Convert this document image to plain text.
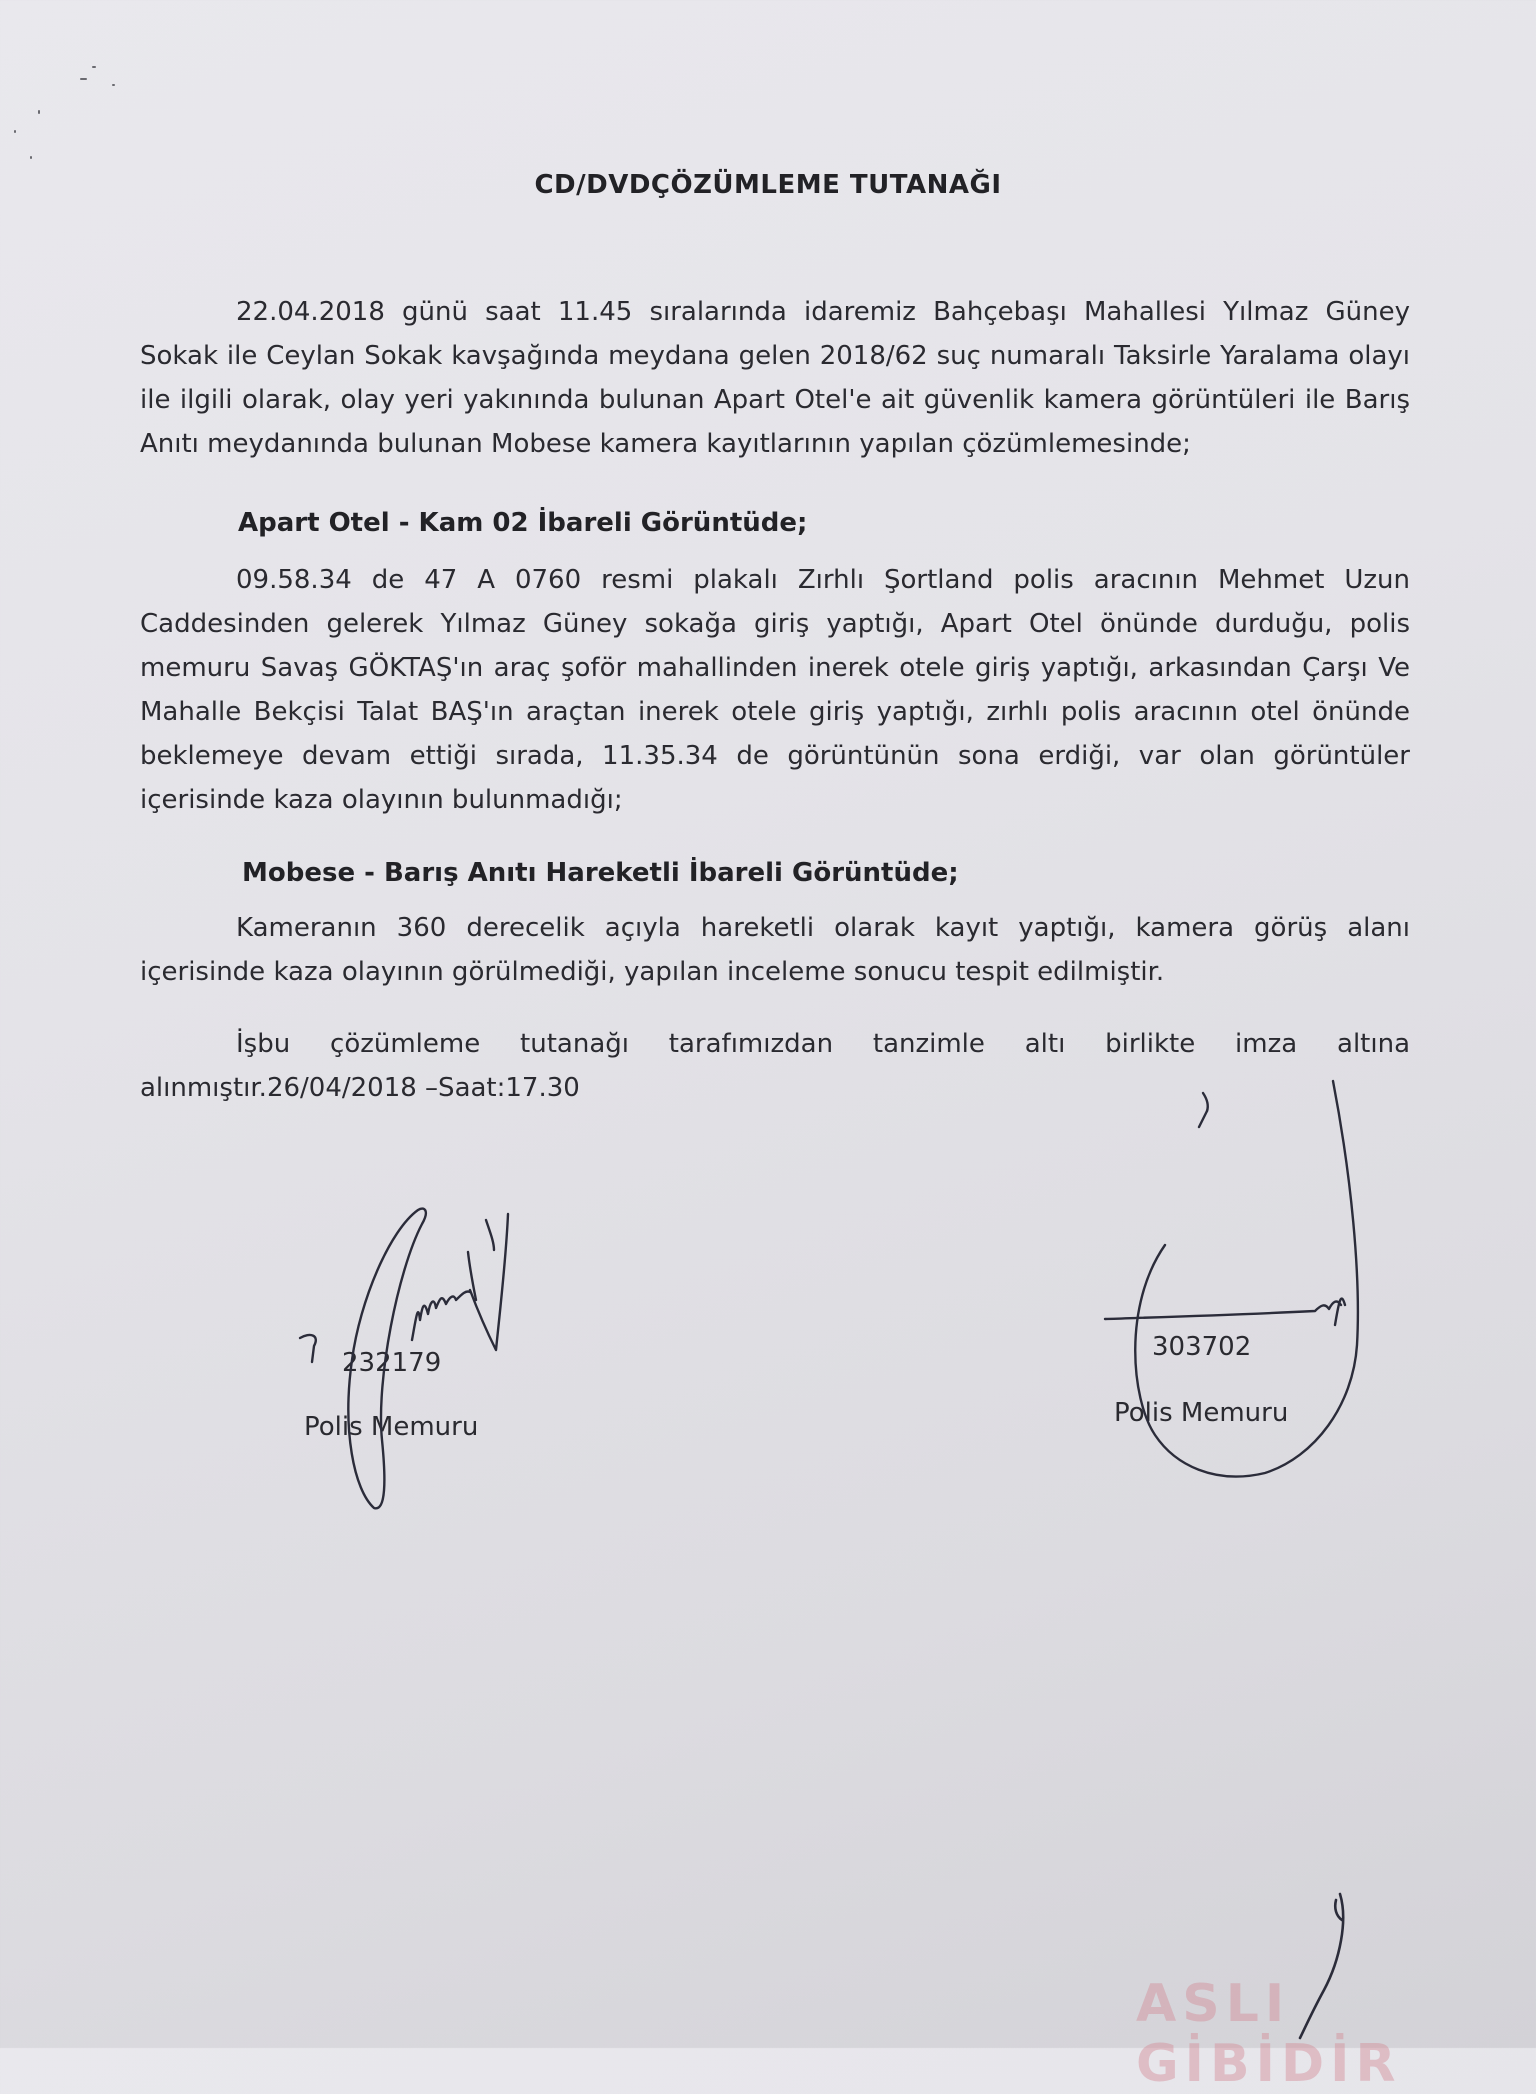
CD/DVDÇÖZÜMLEME TUTANAĞI

22.04.2018 günü saat 11.45 sıralarında idaremiz Bahçebaşı Mahallesi Yılmaz Güney Sokak ile Ceylan Sokak kavşağında meydana gelen 2018/62 suç numaralı Taksirle Yaralama olayı ile ilgili olarak, olay yeri yakınında bulunan Apart Otel'e ait güvenlik kamera görüntüleri ile Barış Anıtı meydanında bulunan Mobese kamera kayıtlarının yapılan çözümlemesinde;

Apart Otel - Kam 02 İbareli Görüntüde;

09.58.34 de 47 A 0760 resmi plakalı Zırhlı Şortland polis aracının Mehmet Uzun Caddesinden gelerek Yılmaz Güney sokağa giriş yaptığı, Apart Otel önünde durduğu, polis memuru Savaş GÖKTAŞ'ın araç şoför mahallinden inerek otele giriş yaptığı, arkasından Çarşı Ve Mahalle Bekçisi Talat BAŞ'ın araçtan inerek otele giriş yaptığı, zırhlı polis aracının otel önünde beklemeye devam ettiği sırada, 11.35.34 de görüntünün sona erdiği, var olan görüntüler içerisinde kaza olayının bulunmadığı;

Mobese - Barış Anıtı Hareketli İbareli Görüntüde;

Kameranın 360 derecelik açıyla hareketli olarak kayıt yaptığı, kamera görüş alanı içerisinde kaza olayının görülmediği, yapılan inceleme sonucu tespit edilmiştir.

İşbu çözümleme tutanağı tarafımızdan tanzimle altı birlikte imza altına alınmıştır.26/04/2018 –Saat:17.30

232179
Polis Memuru
303702
Polis Memuru
ASLI GİBİDİR
